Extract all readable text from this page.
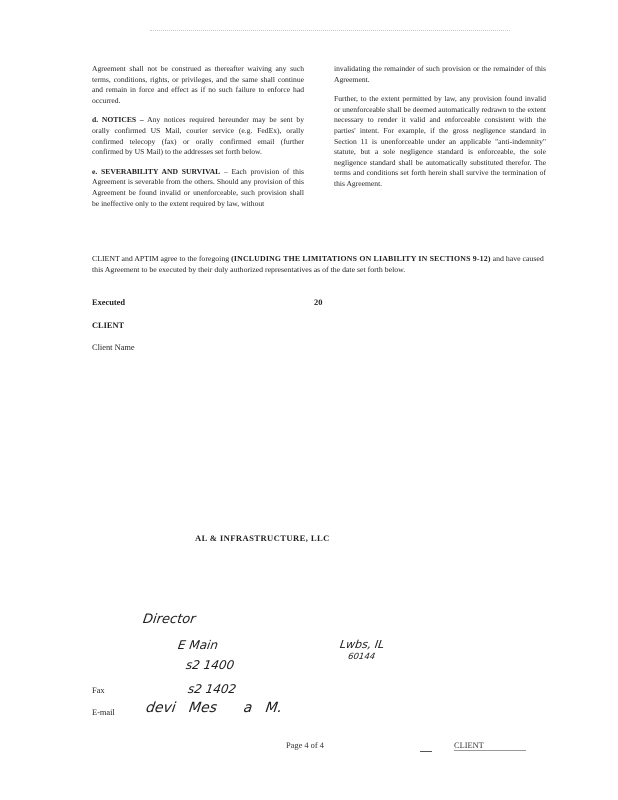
Agreement shall not be construed as thereafter waiving any such terms, conditions, rights, or privileges, and the same shall continue and remain in force and effect as if no such failure to enforce had occurred.

d. NOTICES – Any notices required hereunder may be sent by orally confirmed US Mail, courier service (e.g. FedEx), orally confirmed telecopy (fax) or orally confirmed email (further confirmed by US Mail) to the addresses set forth below.

e. SEVERABILITY AND SURVIVAL – Each provision of this Agreement is severable from the others. Should any provision of this Agreement be found invalid or unenforceable, such provision shall be ineffective only to the extent required by law, without

invalidating the remainder of such provision or the remainder of this Agreement.

Further, to the extent permitted by law, any provision found invalid or unenforceable shall be deemed automatically redrawn to the extent necessary to render it valid and enforceable consistent with the parties' intent. For example, if the gross negligence standard in Section 11 is unenforceable under an applicable "anti-indemnity" statute, but a sole negligence standard is enforceable, the sole negligence standard shall be automatically substituted therefor. The terms and conditions set forth herein shall survive the termination of this Agreement.

CLIENT and APTIM agree to the foregoing (INCLUDING THE LIMITATIONS ON LIABILITY IN SECTIONS 9-12) and have caused this Agreement to be executed by their duly authorized representatives as of the date set forth below.
Executed	20
CLIENT
Client Name
AL & INFRASTRUCTURE, LLC
Director
E Main	Lwbs, IL
60144
s2 1400
Fax	s2 1402
E-mail devi   Mes      a   M.
Page 4 of 4	CLIENT
